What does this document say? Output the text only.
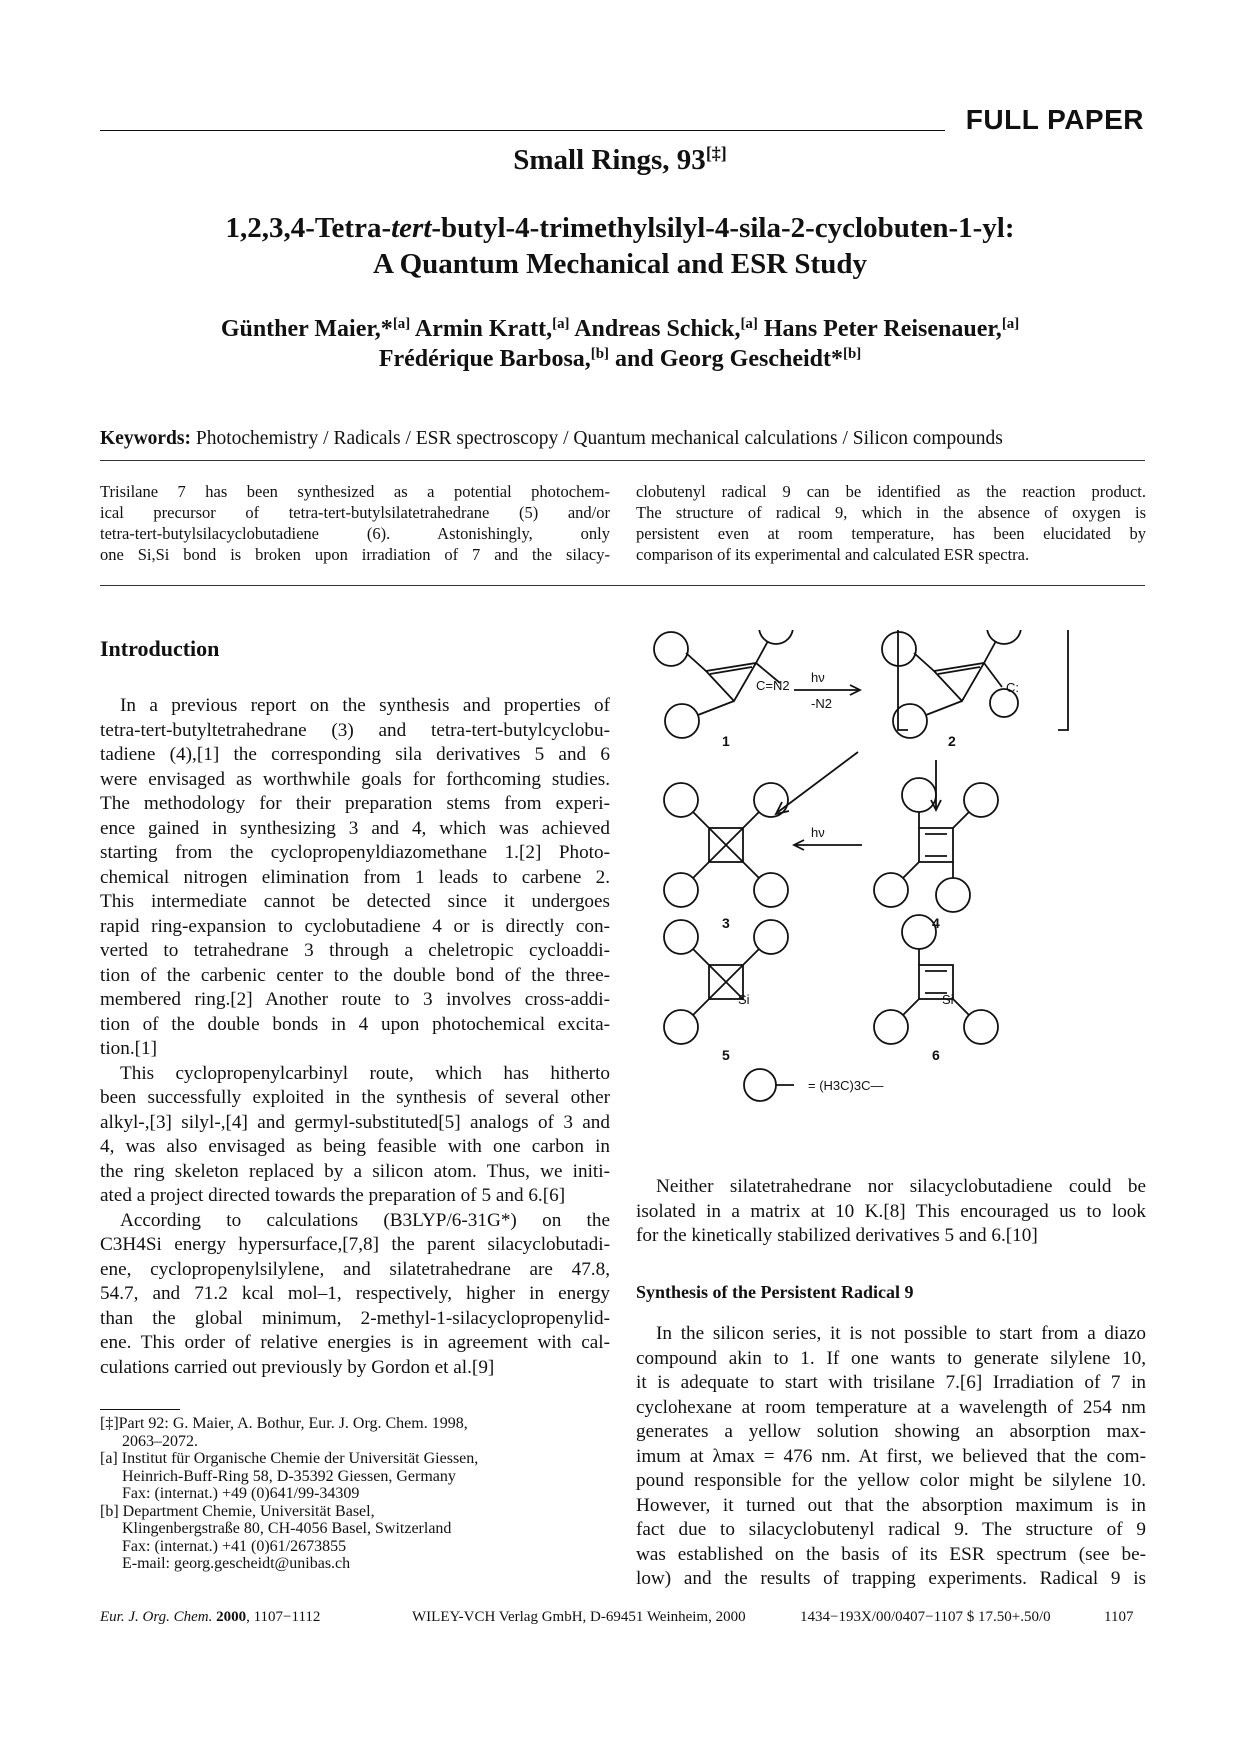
FULL PAPER
Small Rings, 93[‡]
1,2,3,4-Tetra-tert-butyl-4-trimethylsilyl-4-sila-2-cyclobuten-1-yl:
A Quantum Mechanical and ESR Study
Günther Maier,*[a] Armin Kratt,[a] Andreas Schick,[a] Hans Peter Reisenauer,[a]
Frédérique Barbosa,[b] and Georg Gescheidt*[b]
Keywords: Photochemistry / Radicals / ESR spectroscopy / Quantum mechanical calculations / Silicon compounds
Trisilane 7 has been synthesized as a potential photochem-
ical precursor of tetra-tert-butylsilatetrahedrane (5) and/or
tetra-tert-butylsilacyclobutadiene (6). Astonishingly, only
one Si,Si bond is broken upon irradiation of 7 and the silacy-
clobutenyl radical 9 can be identified as the reaction product.
The structure of radical 9, which in the absence of oxygen is
persistent even at room temperature, has been elucidated by
comparison of its experimental and calculated ESR spectra.
Introduction
In a previous report on the synthesis and properties of
tetra-tert-butyltetrahedrane (3) and tetra-tert-butylcyclobu-
tadiene (4),[1] the corresponding sila derivatives 5 and 6
were envisaged as worthwhile goals for forthcoming studies.
The methodology for their preparation stems from experi-
ence gained in synthesizing 3 and 4, which was achieved
starting from the cyclopropenyldiazomethane 1.[2] Photo-
chemical nitrogen elimination from 1 leads to carbene 2.
This intermediate cannot be detected since it undergoes
rapid ring-expansion to cyclobutadiene 4 or is directly con-
verted to tetrahedrane 3 through a cheletropic cycloaddi-
tion of the carbenic center to the double bond of the three-
membered ring.[2] Another route to 3 involves cross-addi-
tion of the double bonds in 4 upon photochemical excita-
tion.[1]
This cyclopropenylcarbinyl route, which has hitherto
been successfully exploited in the synthesis of several other
alkyl-,[3] silyl-,[4] and germyl-substituted[5] analogs of 3 and
4, was also envisaged as being feasible with one carbon in
the ring skeleton replaced by a silicon atom. Thus, we initi-
ated a project directed towards the preparation of 5 and 6.[6]
According to calculations (B3LYP/6-31G*) on the
C3H4Si energy hypersurface,[7,8] the parent silacyclobutadi-
ene, cyclopropenylsilylene, and silatetrahedrane are 47.8,
54.7, and 71.2 kcal mol–1, respectively, higher in energy
than the global minimum, 2-methyl-1-silacyclopropenylid-
ene. This order of relative energies is in agreement with cal-
culations carried out previously by Gordon et al.[9]
C=N2	C:
hν
-N2
hν
Si	Si
= (H3C)3C—
1	2
3	4
5	6
Neither silatetrahedrane nor silacyclobutadiene could be
isolated in a matrix at 10 K.[8] This encouraged us to look
for the kinetically stabilized derivatives 5 and 6.[10]
Synthesis of the Persistent Radical 9
In the silicon series, it is not possible to start from a diazo
compound akin to 1. If one wants to generate silylene 10,
it is adequate to start with trisilane 7.[6] Irradiation of 7 in
cyclohexane at room temperature at a wavelength of 254 nm
generates a yellow solution showing an absorption max-
imum at λmax = 476 nm. At first, we believed that the com-
pound responsible for the yellow color might be silylene 10.
However, it turned out that the absorption maximum is in
fact due to silacyclobutenyl radical 9. The structure of 9
was established on the basis of its ESR spectrum (see be-
low) and the results of trapping experiments. Radical 9 is
[‡]Part 92: G. Maier, A. Bothur, Eur. J. Org. Chem. 1998,
2063–2072.
[a] Institut für Organische Chemie der Universität Giessen,
Heinrich-Buff-Ring 58, D-35392 Giessen, Germany
Fax: (internat.) +49 (0)641/99-34309
[b] Department Chemie, Universität Basel,
Klingenbergstraße 80, CH-4056 Basel, Switzerland
Fax: (internat.) +41 (0)61/2673855
E-mail: georg.gescheidt@unibas.ch
Eur. J. Org. Chem. 2000, 1107−1112	WILEY-VCH Verlag GmbH, D-69451 Weinheim, 2000	1434−193X/00/0407−1107 $ 17.50+.50/0	1107
